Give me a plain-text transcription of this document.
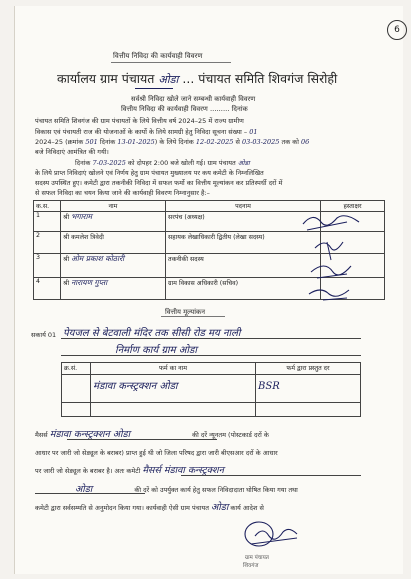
6
वित्तीय निविदा की कार्यवाही विवरण
कार्यालय ग्राम पंचायत ओडा ... पंचायत समिति शिवगंज सिरोही
सर्वश्री निविदा खोले जाने सम्बन्धी कार्यवाही विवरण
वित्तीय निविदा की कार्यवाही विवरण ......... दिनांक
पंचायत समिति शिवगंज की ग्राम पंचायतों के लिये वित्तीय वर्ष 2024–25 में राज्य ग्रामीण
विकास एवं पंचायती राज की योजनाओं के कार्यो के लिये सामग्री हेतु निविदा सूचना संख्या – 01
2024–25 (क्रमांक 501 दिनांक 13-01-2025) के लिये दिनांक 12-02-2025 से 03-03-2025 तक को 06
बजे निविदाएं आमंत्रित की गयी।
दिनांक 7-03-2025 को दोपहर 2:00 बजे खोली गई। ग्राम पंचायत ओडा
के लिये प्राप्त निविदाएं खोलने एवं निर्णय हेतु ग्राम पंचायत मुख्यालय पर कय कमेटी के निम्नलिखित
सदस्य उपस्थित हुए। कमेटी द्वारा तकनीकी निविदा में सफल फर्मो का वित्तीय मूल्यांकन कर प्रतिस्पर्धी दरों में
से सफल निविदा का चयन किया जाने की कार्यवाही विवरण निम्नानुसार है:–
क.स.	नाम	पदनाम	हस्ताक्षर
1	श्री भगाराम	सरपंच (अध्यक्ष)	
2	श्री कमलेश त्रिवेदी	सहायक लेखाधिकारी द्वितीय (लेखा सदस्य)	
3	श्री ओम प्रकाश कोठारी	तकनीकी सदस्य	
4	श्री नारायण गुप्ता	ग्राम विकास अधिकारी (सचिव)	
वित्तीय मूल्यांकन
सकार्य 01 पेयजल से बेटवाली मंदिर तक सीसी रोड मय नाली
निर्माण कार्य ग्राम ओडा
क्र.सं.	फर्म का नाम	फर्म द्वारा प्रस्तुत दर
	मंडावा कन्स्ट्रक्शन ओडा	BSR

मैसर्स मंडावा कन्स्ट्रक्शन ओडा	की दरें न्यूनतम (पोस्टकार्ड दरों के
आधार पर जारी जो सेड्यूल के बराबर) प्राप्त हुई थी जो जिला परिषद द्वारा जारी बीएसआर दरों के आधार
पर जारी जो सेड्यूल के बराबर है। अतः कमेटी मैसर्स मंडावा कन्स्ट्रक्शन
ओडा	की दरें को उपर्युक्त कार्य हेतु सफल निविदादाता घोषित किया गया तथा
कमेटी द्वारा सर्वसम्मति से अनुमोदन किया गया। कार्यवाही ऐसी ग्राम पंचायत ओडा कार्य आदेश से
ग्राम पंचायत
शिवगंज
